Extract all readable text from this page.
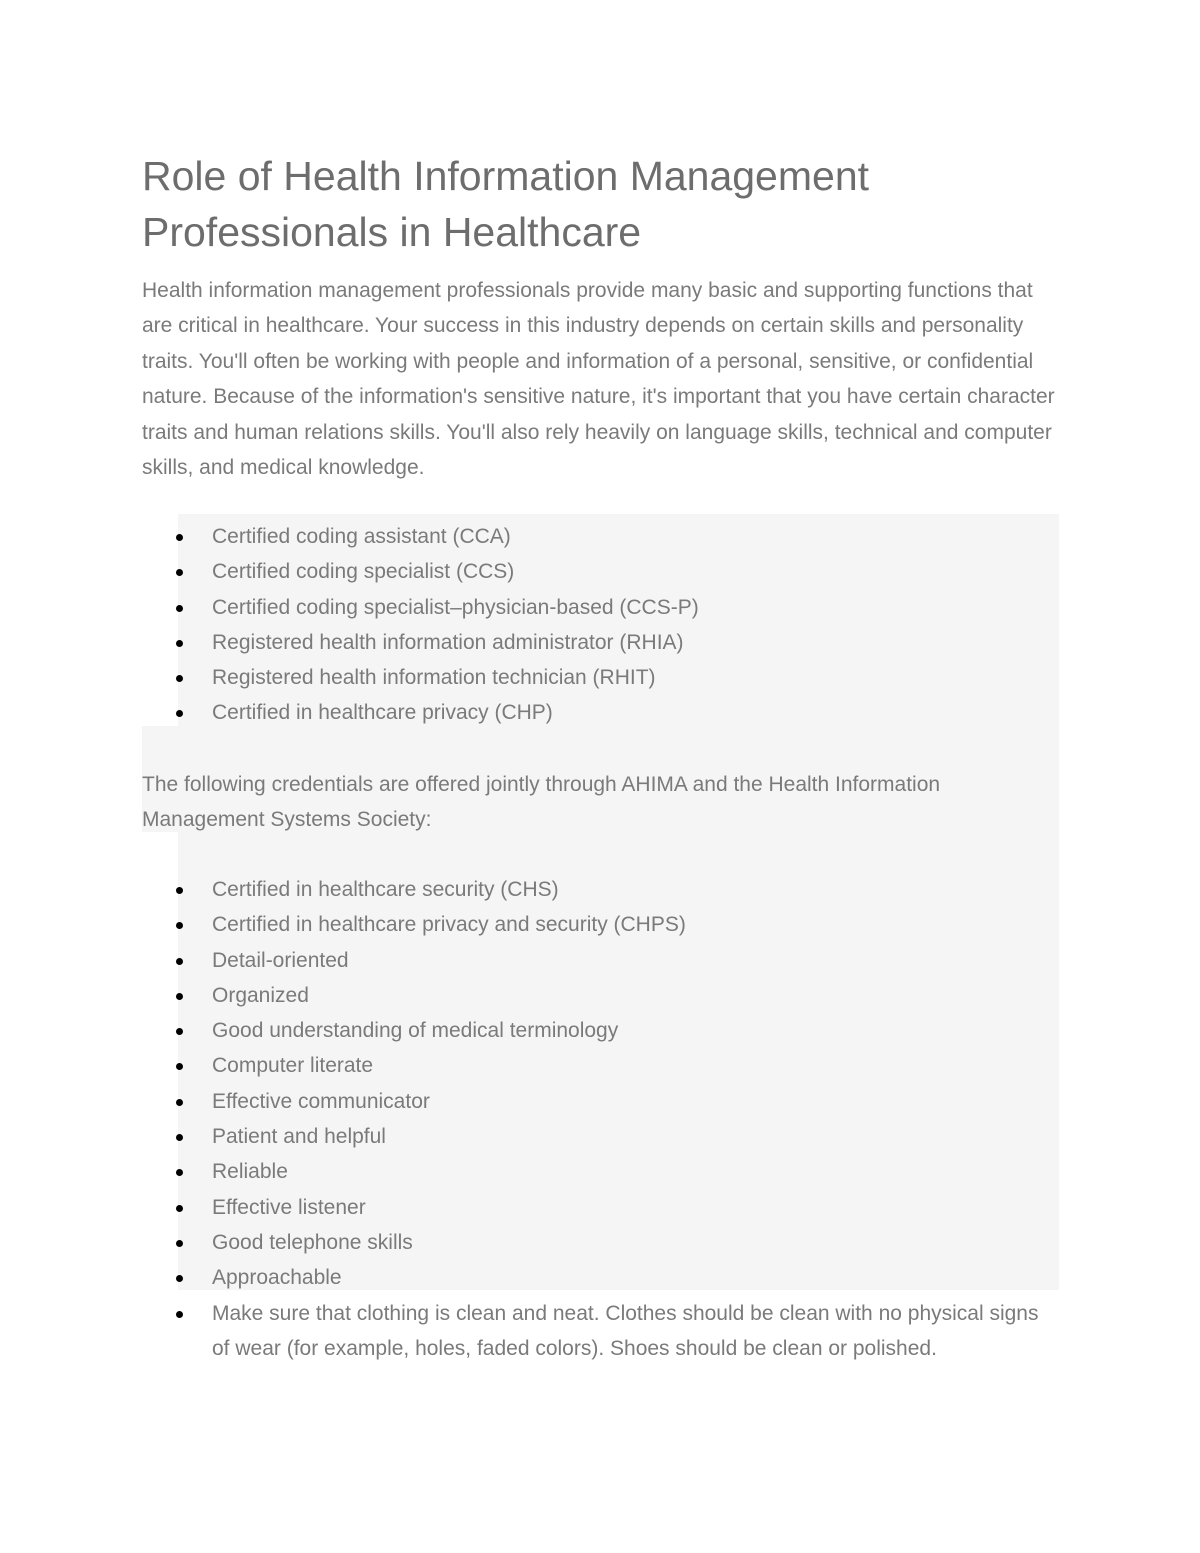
Role of Health Information Management Professionals in Healthcare

Health information management professionals provide many basic and supporting functions that are critical in healthcare. Your success in this industry depends on certain skills and personality traits. You'll often be working with people and information of a personal, sensitive, or confidential nature. Because of the information's sensitive nature, it's important that you have certain character traits and human relations skills. You'll also rely heavily on language skills, technical and computer skills, and medical knowledge.

Certified coding assistant (CCA)
Certified coding specialist (CCS)
Certified coding specialist–physician-based (CCS-P)
Registered health information administrator (RHIA)
Registered health information technician (RHIT)
Certified in healthcare privacy (CHP)

The following credentials are offered jointly through AHIMA and the Health Information Management Systems Society:

Certified in healthcare security (CHS)
Certified in healthcare privacy and security (CHPS)
Detail-oriented
Organized
Good understanding of medical terminology
Computer literate
Effective communicator
Patient and helpful
Reliable
Effective listener
Good telephone skills
Approachable
Make sure that clothing is clean and neat. Clothes should be clean with no physical signs of wear (for example, holes, faded colors). Shoes should be clean or polished.
